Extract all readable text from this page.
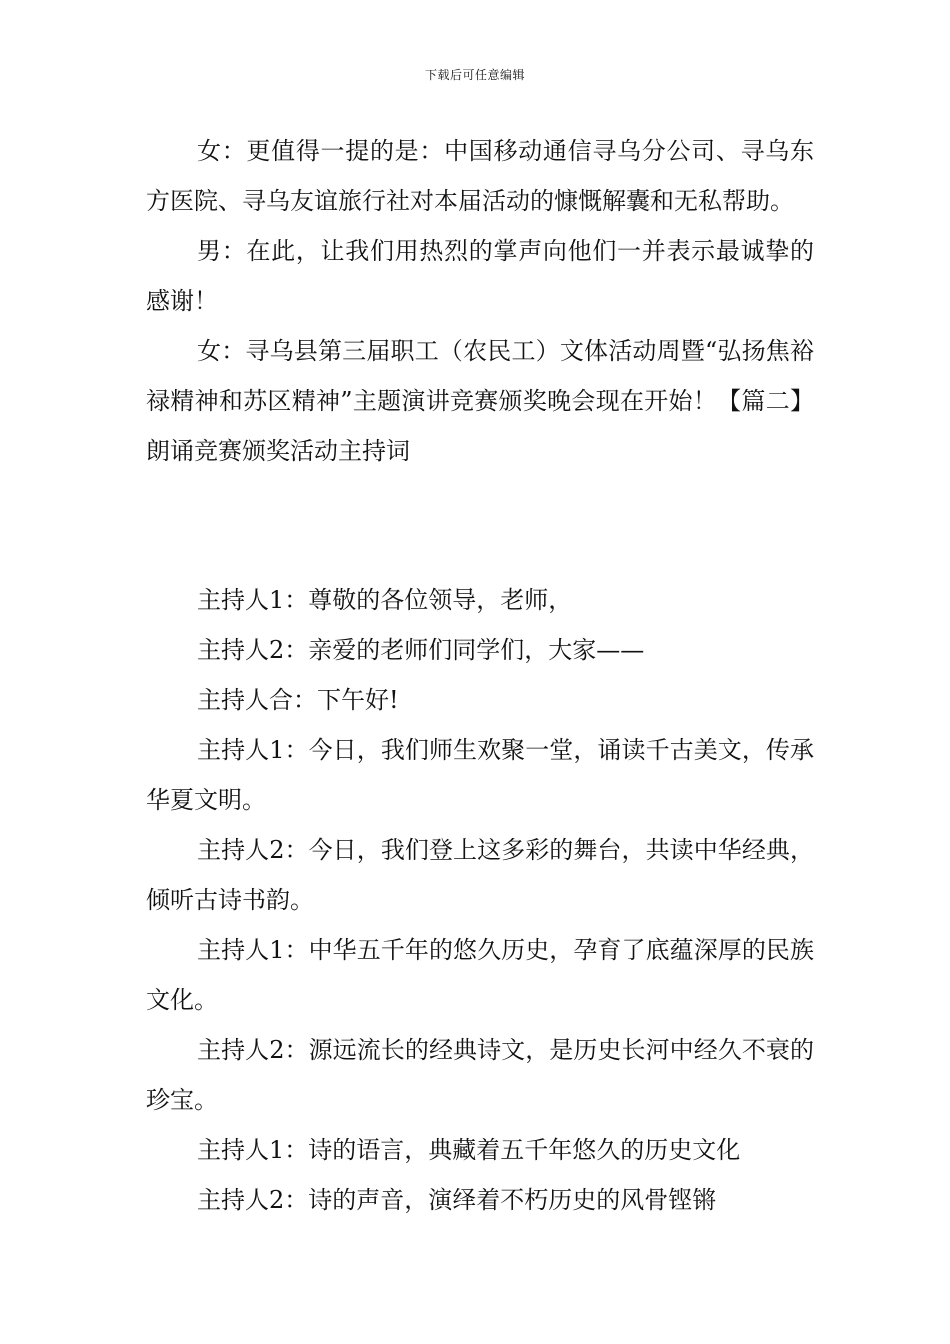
下载后可任意编辑

女：更值得一提的是：中国移动通信寻乌分公司、寻乌东方医院、寻乌友谊旅行社对本届活动的慷慨解囊和无私帮助。

男：在此，让我们用热烈的掌声向他们一并表示最诚挚的感谢！

女：寻乌县第三届职工（农民工）文体活动周暨“弘扬焦裕禄精神和苏区精神”主题演讲竞赛颁奖晚会现在开始！【篇二】朗诵竞赛颁奖活动主持词

主持人1：尊敬的各位领导，老师，

主持人2：亲爱的老师们同学们，大家——

主持人合：下午好!

主持人1：今日，我们师生欢聚一堂，诵读千古美文，传承华夏文明。

主持人2：今日，我们登上这多彩的舞台，共读中华经典，倾听古诗书韵。

主持人1：中华五千年的悠久历史，孕育了底蕴深厚的民族文化。

主持人2：源远流长的经典诗文，是历史长河中经久不衰的珍宝。

主持人1：诗的语言，典藏着五千年悠久的历史文化

主持人2：诗的声音，演绎着不朽历史的风骨铿锵
